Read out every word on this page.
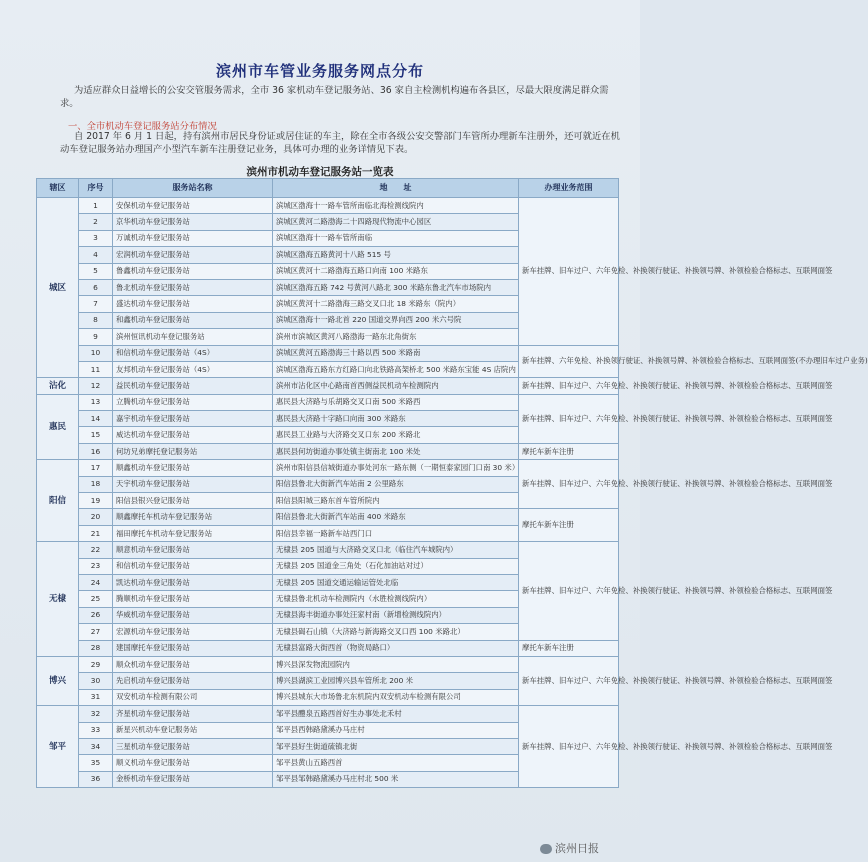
滨州市车管业务服务网点分布
为适应群众日益增长的公安交管服务需求，全市 36 家机动车登记服务站、36 家自主检测机构遍布各县区，尽最大限度满足群众需求。
一、全市机动车登记服务站分布情况
自 2017 年 6 月 1 日起，持有滨州市居民身份证或居住证的车主，除在全市各级公安交警部门车管所办理新车注册外，还可就近在机动车登记服务站办理国产小型汽车新车注册登记业务，具体可办理的业务详情见下表。
滨州市机动车登记服务站一览表
辖区	序号	服务站名称	地　　址	办理业务范围
城区	1	安保机动车登记服务站	滨城区渤海十一路车管所南临北海检测线院内	新车挂牌、旧车过户、六年免检、补换领行驶证、补换领号牌、补领检验合格标志、互联网面签
	2	京华机动车登记服务站	滨城区黄河二路渤海二十四路现代物流中心园区	
	3	万诚机动车登记服务站	滨城区渤海十一路车管所南临	
	4	宏润机动车登记服务站	滨城区渤海五路黄河十八路 515 号	
	5	鲁鑫机动车登记服务站	滨城区黄河十二路渤海五路口向南 100 米路东	
	6	鲁北机动车登记服务站	滨城区渤海五路 742 号黄河八路北 300 米路东鲁北汽车市场院内	
	7	盛达机动车登记服务站	滨城区黄河十二路渤海三路交叉口北 18 米路东（院内）	
	8	和鑫机动车登记服务站	滨城区渤海十一路北首 220 国道交界向西 200 米六号院	
	9	滨州恒讯机动车登记服务站	滨州市滨城区黄河八路渤海一路东北角街东	
	10	和信机动车登记服务站（4S）	滨城区黄河五路渤海三十路以西 500 米路南	新车挂牌、六年免检、补换领行驶证、补换领号牌、补领检验合格标志、互联网面签(不办理旧车过户业务)
	11	友邦机动车登记服务站（4S）	滨城区渤海五路东方红路口向北铁路高架桥北 500 米路东宝能 4S 店院内	
沾化	12	益民机动车登记服务站	滨州市沾化区中心路南首西侧益民机动车检测院内	新车挂牌、旧车过户、六年免检、补换领行驶证、补换领号牌、补领检验合格标志、互联网面签
惠民	13	立腾机动车登记服务站	惠民县大济路与乐胡路交叉口南 500 米路西	新车挂牌、旧车过户、六年免检、补换领行驶证、补换领号牌、补领检验合格标志、互联网面签
	14	嘉宇机动车登记服务站	惠民县大济路十字路口向南 300 米路东	
	15	威达机动车登记服务站	惠民县工业路与大济路交叉口东 200 米路北	
	16	何坊兄弟摩托登记服务站	惠民县何坊街道办事处镇主街南北 100 米处	摩托车新车注册
阳信	17	顺鑫机动车登记服务站	滨州市阳信县信城街道办事处河东一路东侧（一期恒泰家园门口南 30 米）	新车挂牌、旧车过户、六年免检、补换领行驶证、补换领号牌、补领检验合格标志、互联网面签
	18	天宇机动车登记服务站	阳信县鲁北大街新汽车站南 2 公里路东	
	19	阳信县银兴登记服务站	阳信县阳城三路东首车管所院内	
	20	顺鑫摩托车机动车登记服务站	阳信县鲁北大街新汽车站南 400 米路东	摩托车新车注册
	21	福田摩托车机动车登记服务站	阳信县幸福一路新车站西门口	
无棣	22	顺意机动车登记服务站	无棣县 205 国道与大济路交叉口北（临住汽车城院内）	新车挂牌、旧车过户、六年免检、补换领行驶证、补换领号牌、补领检验合格标志、互联网面签
	23	和信机动车登记服务站	无棣县 205 国道金三角处（石化加油站对过）	
	24	凯达机动车登记服务站	无棣县 205 国道交通运输运管处北临	
	25	腾顺机动车登记服务站	无棣县鲁北机动车检测院内（水胜检测线院内）	
	26	华威机动车登记服务站	无棣县海丰街道办事处汪家村南（新增检测线院内）	
	27	宏源机动车登记服务站	无棣县碣石山镇（大济路与新海路交叉口西 100 米路北）	
	28	建国摩托车登记服务站	无棣县富路大街西首（物资局路口）	摩托车新车注册
博兴	29	顺众机动车登记服务站	博兴县深发物流园院内	新车挂牌、旧车过户、六年免检、补换领行驶证、补换领号牌、补领检验合格标志、互联网面签
	30	先启机动车登记服务站	博兴县湖滨工业园博兴县车管所北 200 米	
	31	双安机动车检测有限公司	博兴县城东大市场鲁北东机院内双安机动车检测有限公司	
邹平	32	齐星机动车登记服务站	邹平县醴泉五路西首好生办事处北禾村	新车挂牌、旧车过户、六年免检、补换领行驶证、补换领号牌、补领检验合格标志、互联网面签
	33	新星兴机动车登记服务站	邹平县西韩路黛溪办马庄村	
	34	三星机动车登记服务站	邹平县好生街道硫镇北街	
	35	顺义机动车登记服务站	邹平县黄山五路西首	
	36	金桥机动车登记服务站	邹平县邹韩路黛溪办马庄村北 500 米	
滨州日报
